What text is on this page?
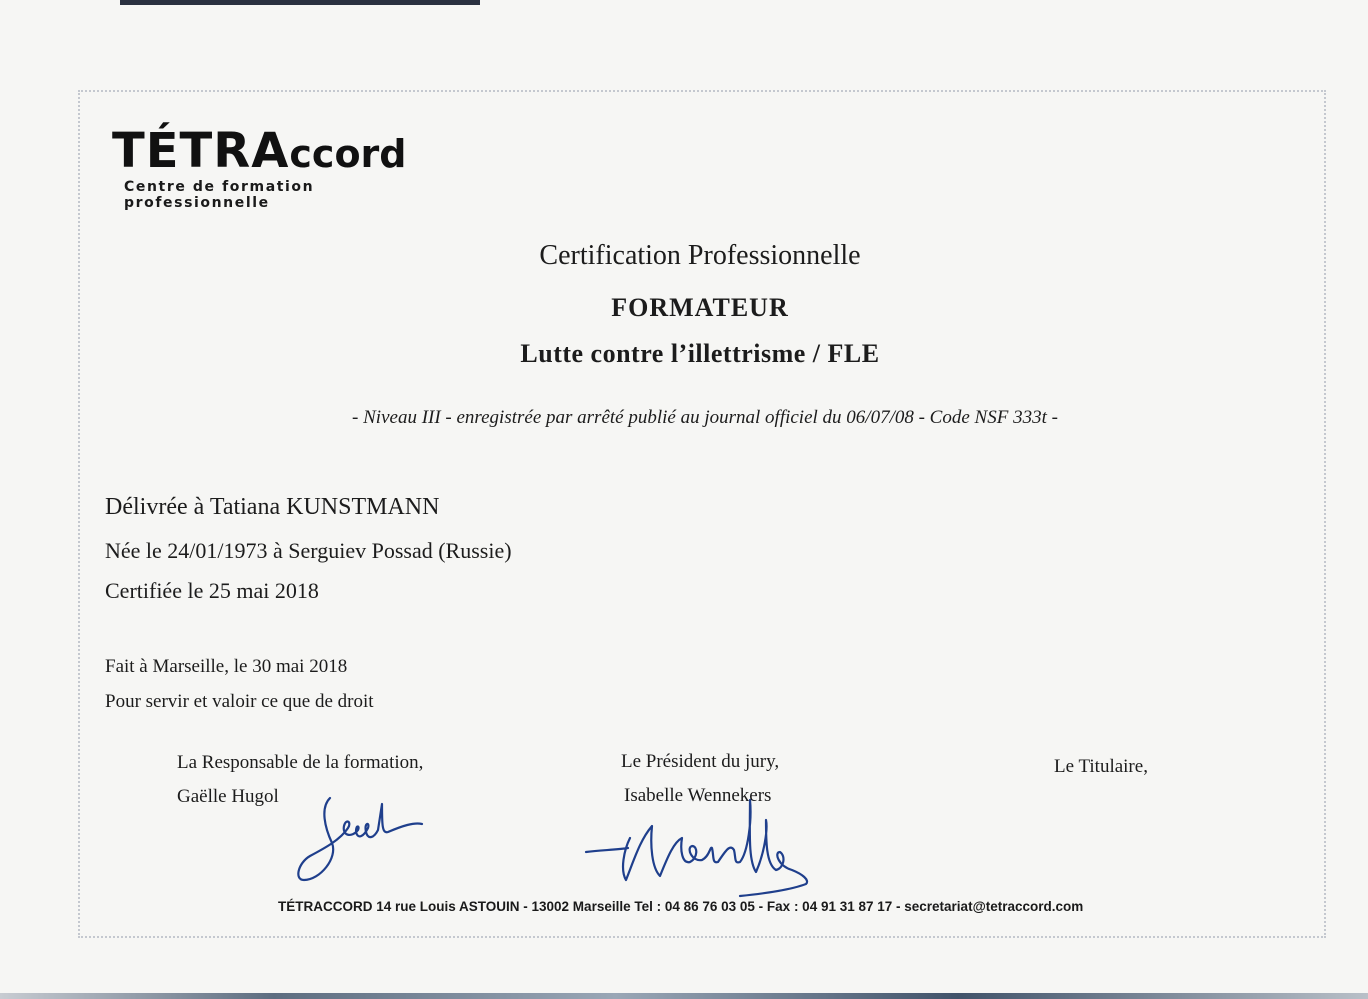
TÉTRAccord
Centre de formation professionnelle
Certification Professionnelle
FORMATEUR
Lutte contre l’illettrisme / FLE
- Niveau III - enregistrée par arrêté publié au journal officiel du 06/07/08 - Code NSF 333t -
Délivrée à Tatiana KUNSTMANN
Née le 24/01/1973 à Serguiev Possad (Russie)
Certifiée le 25 mai 2018
Fait à Marseille, le 30 mai 2018
Pour servir et valoir ce que de droit
La Responsable de la formation,
Gaëlle Hugol
Le Président du jury,
Isabelle Wennekers
Le Titulaire,
TÉTRACCORD 14 rue Louis ASTOUIN - 13002 Marseille Tel : 04 86 76 03 05 - Fax : 04 91 31 87 17 - secretariat@tetraccord.com
